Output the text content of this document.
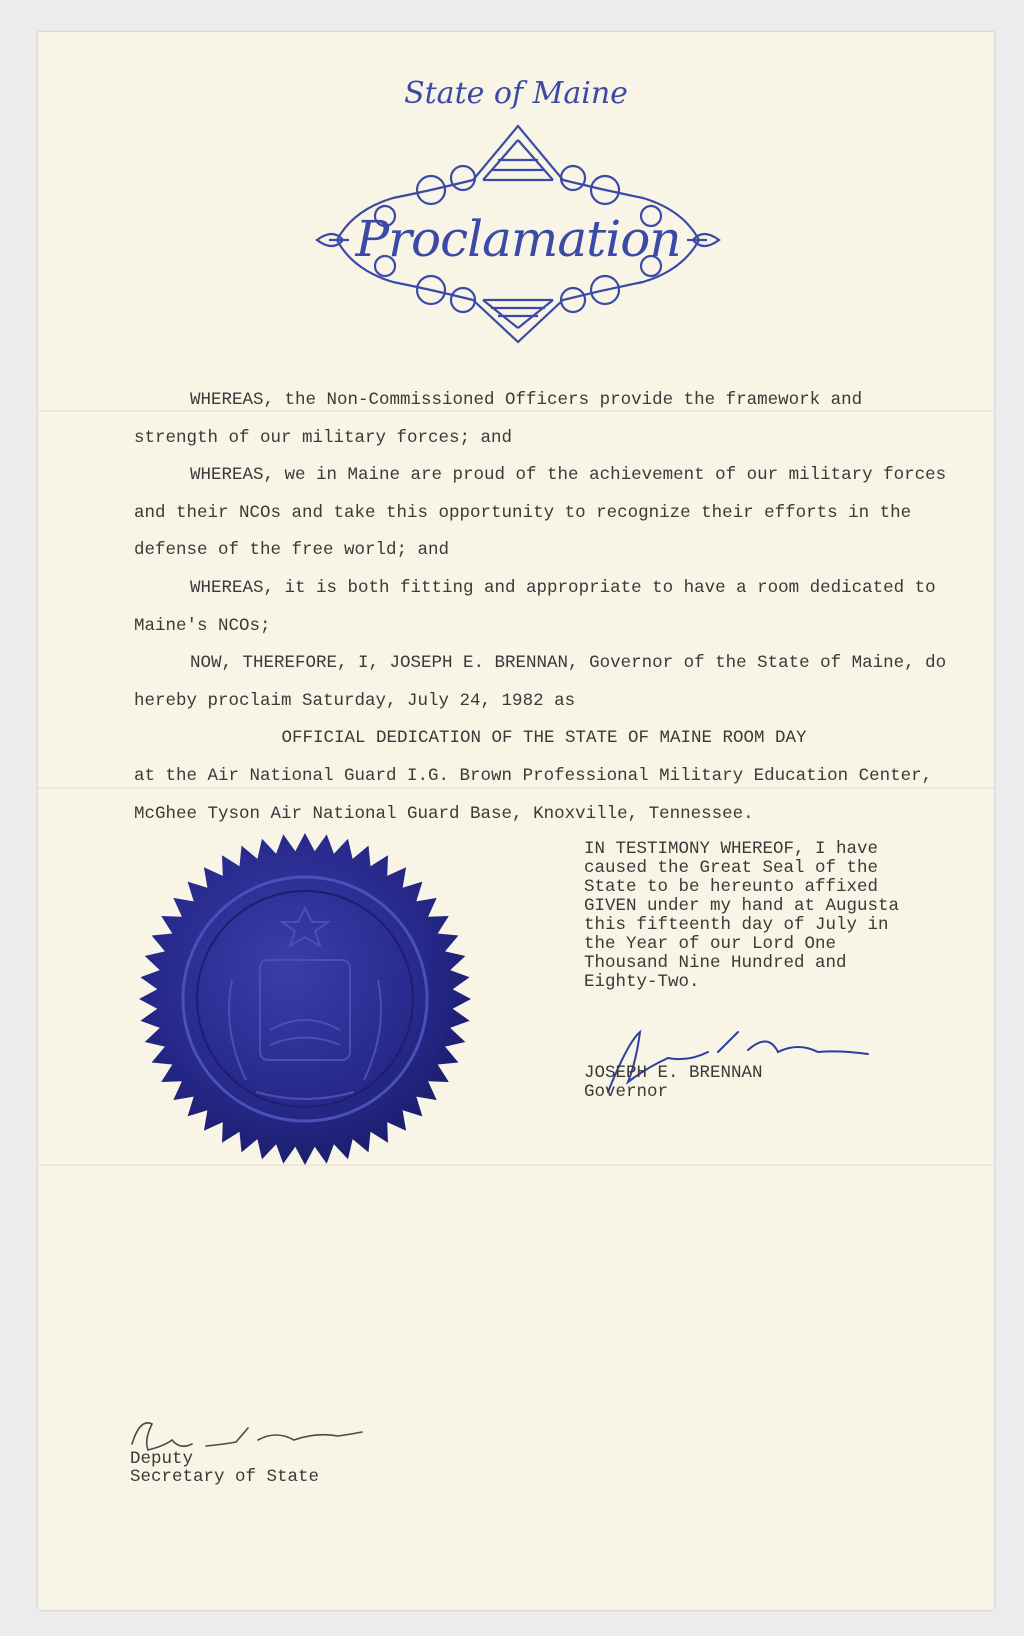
State of Maine
Proclamation

WHEREAS, the Non-Commissioned Officers provide the framework and strength of our military forces; and

WHEREAS, we in Maine are proud of the achievement of our military forces and their NCOs and take this opportunity to recognize their efforts in the defense of the free world; and

WHEREAS, it is both fitting and appropriate to have a room dedicated to Maine's NCOs;

NOW, THEREFORE, I, JOSEPH E. BRENNAN, Governor of the State of Maine, do hereby proclaim Saturday, July 24, 1982 as

OFFICIAL DEDICATION OF THE STATE OF MAINE ROOM DAY

at the Air National Guard I.G. Brown Professional Military Education Center, McGhee Tyson Air National Guard Base, Knoxville, Tennessee.

IN TESTIMONY WHEREOF, I have
caused the Great Seal of the
State to be hereunto affixed
GIVEN under my hand at Augusta
this fifteenth day of July in
the Year of our Lord One
Thousand Nine Hundred and
Eighty-Two.
JOSEPH E. BRENNAN
Governor
Deputy
Secretary of State
